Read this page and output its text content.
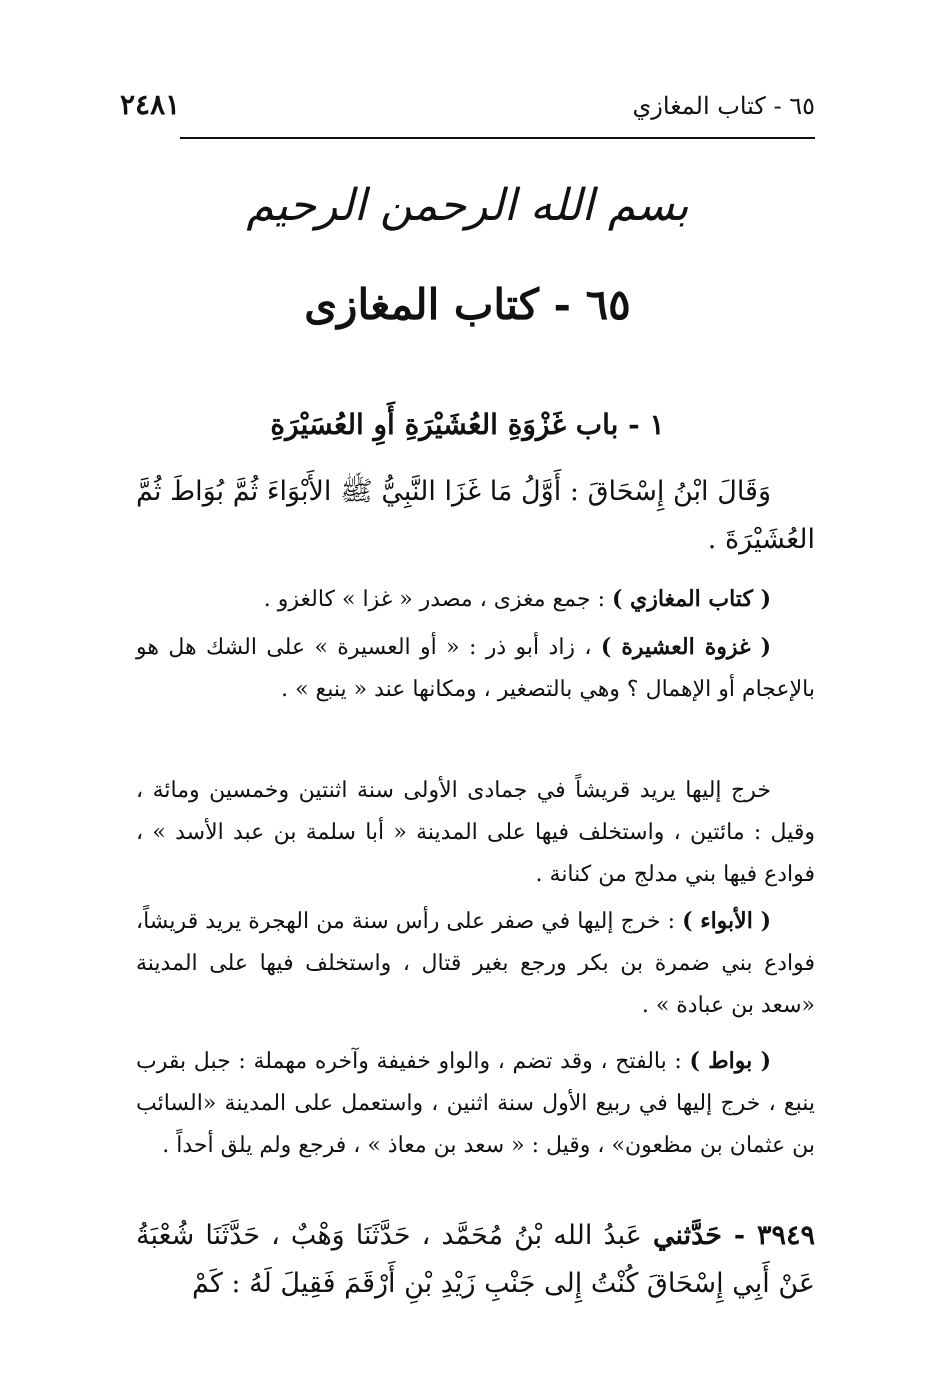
٦٥ - كتاب المغازي
٢٤٨١
بسم الله الرحمن الرحيم
٦٥ - كتاب المغازى
١ - باب غَزْوَةِ العُشَيْرَةِ أَوِ العُسَيْرَةِ

وَقَالَ ابْنُ إِسْحَاقَ : أَوَّلُ مَا غَزَا النَّبِيُّ ﷺ الأَبْوَاءَ ثُمَّ بُوَاطَ ثُمَّ العُشَيْرَةَ .

( كتاب المغازي ) : جمع مغزى ، مصدر « غزا » كالغزو .

( غزوة العشيرة ) ، زاد أبو ذر : « أو العسيرة » على الشك هل هو بالإعجام أو الإهمال ؟ وهي بالتصغير ، ومكانها عند « ينبع » .

خرج إليها يريد قريشاً في جمادى الأولى سنة اثنتين وخمسين ومائة ، وقيل : مائتين ، واستخلف فيها على المدينة « أبا سلمة بن عبد الأسد » ، فوادع فيها بني مدلج من كنانة .

( الأبواء ) : خرج إليها في صفر على رأس سنة من الهجرة يريد قريشاً، فوادع بني ضمرة بن بكر ورجع بغير قتال ، واستخلف فيها على المدينة «سعد بن عبادة » .

( بواط ) : بالفتح ، وقد تضم ، والواو خفيفة وآخره مهملة : جبل بقرب ينبع ، خرج إليها في ربيع الأول سنة اثنين ، واستعمل على المدينة «السائب بن عثمان بن مظعون» ، وقيل : « سعد بن معاذ » ، فرجع ولم يلق أحداً .

٣٩٤٩ - حَدَّثني عَبدُ الله بْنُ مُحَمَّد ، حَدَّثَنَا وَهْبٌ ، حَدَّثَنَا شُعْبَةُ عَنْ أَبِي إِسْحَاقَ كُنْتُ إِلى جَنْبِ زَيْدِ بْنِ أَرْقَمَ فَقِيلَ لَهُ : كَمْ
